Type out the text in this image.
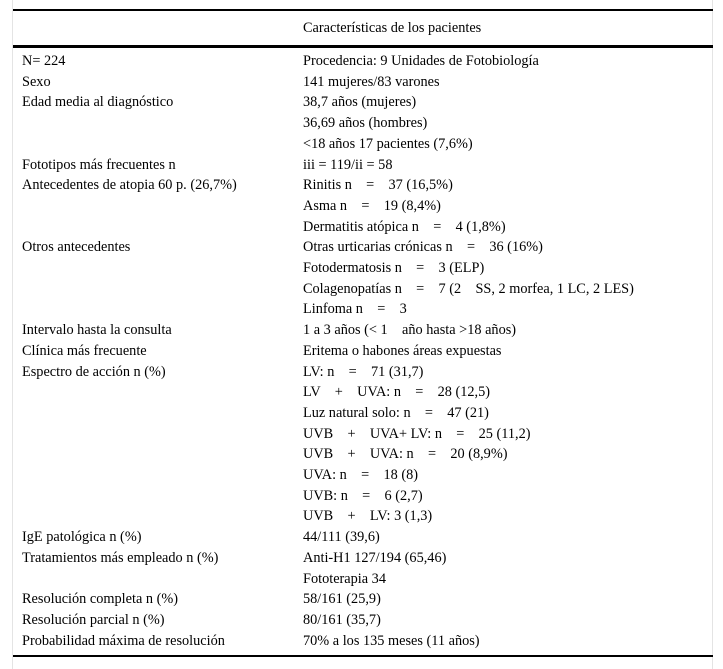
Características de los pacientes
N= 224	Procedencia: 9 Unidades de Fotobiología
Sexo	141 mujeres/83 varones
Edad media al diagnóstico	38,7 años (mujeres)
36,69 años (hombres)
<18 años 17 pacientes (7,6%)
Fototipos más frecuentes n	iii = 119/ii = 58
Antecedentes de atopia 60 p. (26,7%)	Rinitis n    =    37 (16,5%)
Asma n    =    19 (8,4%)
Dermatitis atópica n    =    4 (1,8%)
Otros antecedentes	Otras urticarias crónicas n    =    36 (16%)
Fotodermatosis n    =    3 (ELP)
Colagenopatías n    =    7 (2    SS, 2 morfea, 1 LC, 2 LES)
Linfoma n    =    3
Intervalo hasta la consulta	1 a 3 años (< 1    año hasta >18 años)
Clínica más frecuente	Eritema o habones áreas expuestas
Espectro de acción n (%)	LV: n    =    71 (31,7)
LV    +    UVA: n    =    28 (12,5)
Luz natural solo: n    =    47 (21)
UVB    +    UVA+ LV: n    =    25 (11,2)
UVB    +    UVA: n    =    20 (8,9%)
UVA: n    =    18 (8)
UVB: n    =    6 (2,7)
UVB    +    LV: 3 (1,3)
IgE patológica n (%)	44/111 (39,6)
Tratamientos más empleado n (%)	Anti-H1 127/194 (65,46)
Fototerapia 34
Resolución completa n (%)	58/161 (25,9)
Resolución parcial n (%)	80/161 (35,7)
Probabilidad máxima de resolución	70% a los 135 meses (11 años)
